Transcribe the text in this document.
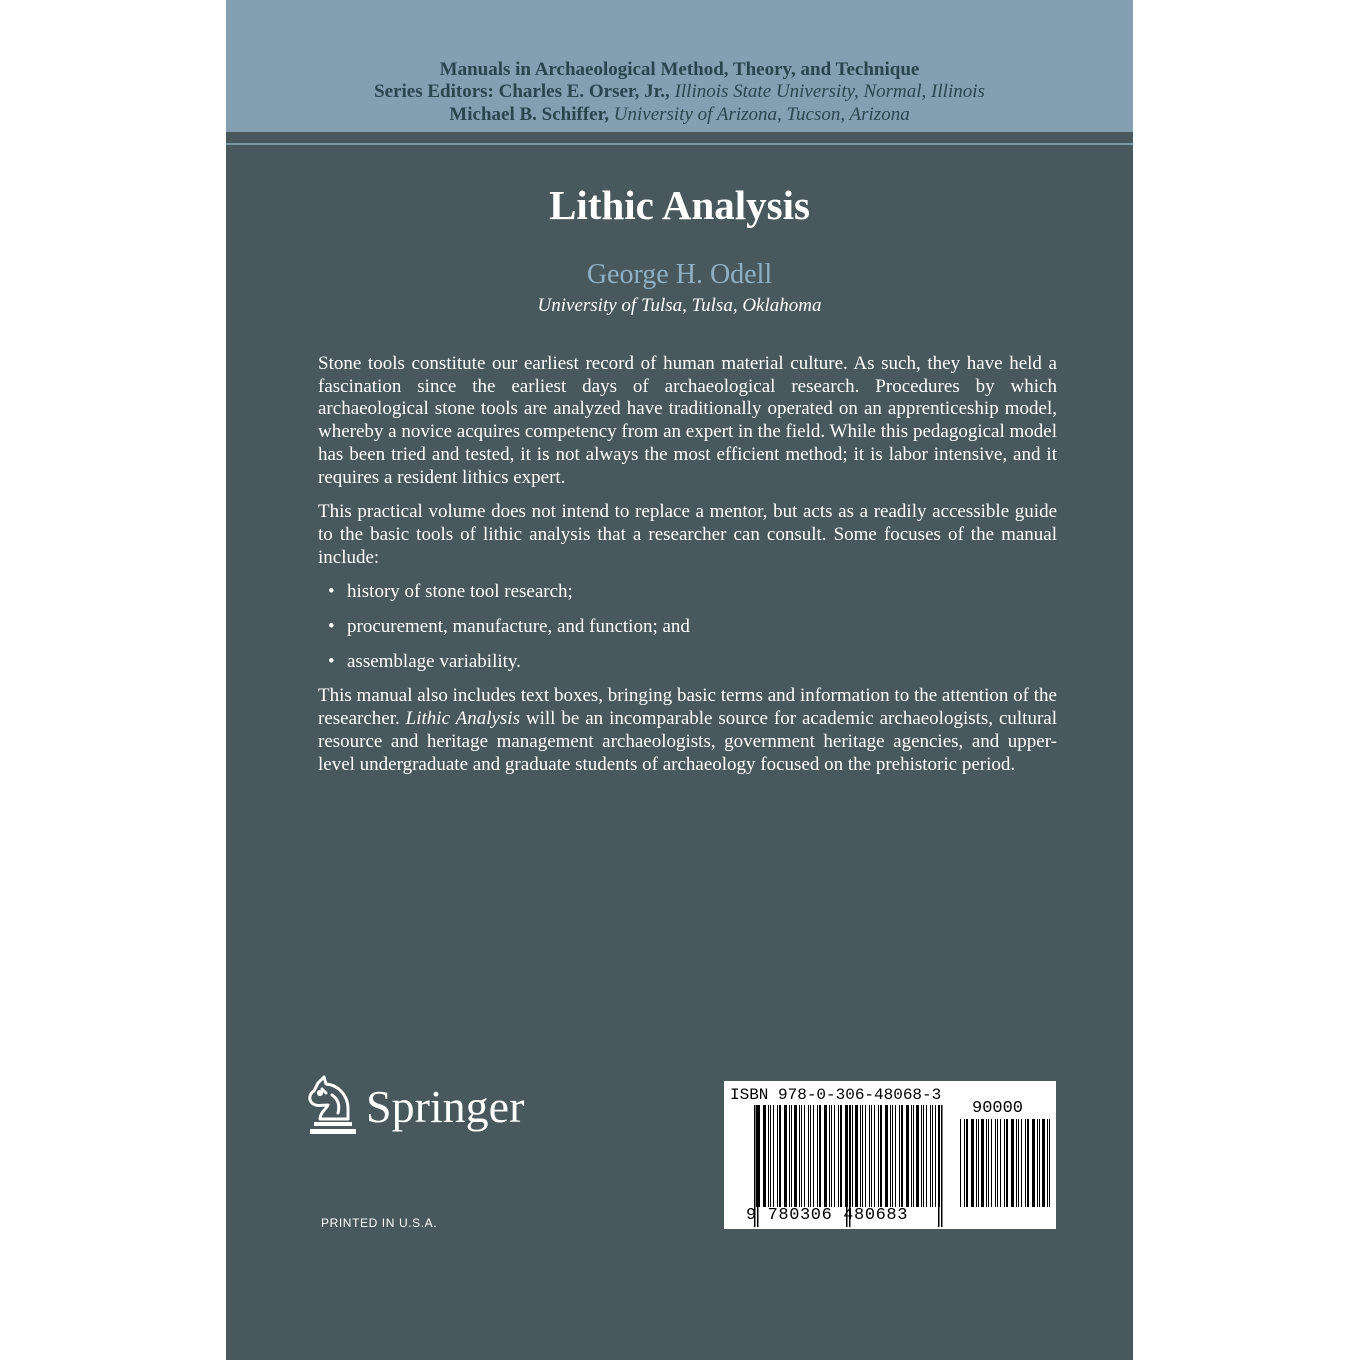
Manuals in Archaeological Method, Theory, and Technique
Series Editors: Charles E. Orser, Jr., Illinois State University, Normal, Illinois
Michael B. Schiffer, University of Arizona, Tucson, Arizona
Lithic Analysis
George H. Odell
University of Tulsa, Tulsa, Oklahoma

Stone tools constitute our earliest record of human material culture. As such, they have held a fascination since the earliest days of archaeological research. Procedures by which archaeological stone tools are analyzed have traditionally operated on an apprenticeship model, whereby a novice acquires competency from an expert in the field. While this pedagogical model has been tried and tested, it is not always the most efficient method; it is labor intensive, and it requires a resident lithics expert.

This practical volume does not intend to replace a mentor, but acts as a readily accessible guide to the basic tools of lithic analysis that a researcher can consult. Some focuses of the manual include:

• history of stone tool research;
• procurement, manufacture, and function; and
• assemblage variability.

This manual also includes text boxes, bringing basic terms and information to the attention of the researcher. Lithic Analysis will be an incomparable source for academic archaeologists, cultural resource and heritage management archaeologists, government heritage agencies, and upper-level undergraduate and graduate students of archaeology focused on the prehistoric period.

Springer
PRINTED IN U.S.A.
ISBN 978-0-306-48068-3
90000
9 780306 480683
